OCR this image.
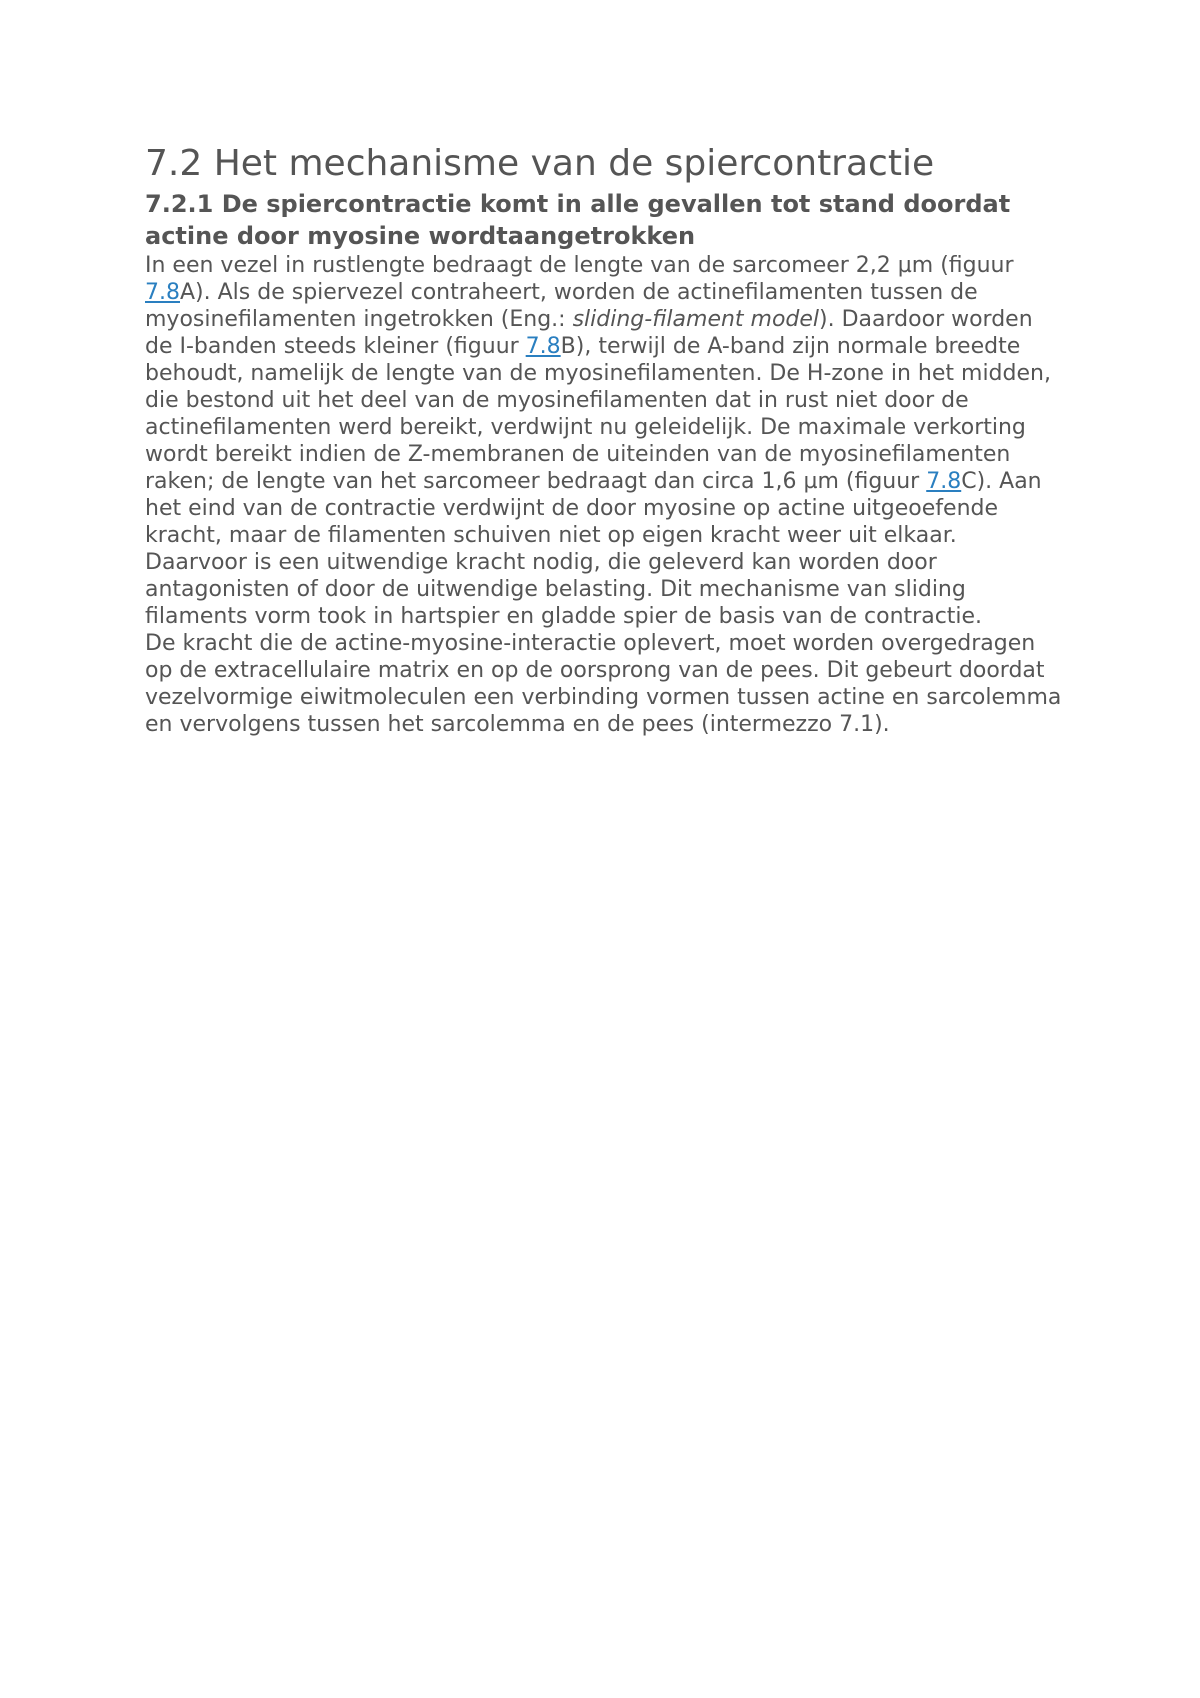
7.2 Het mechanisme van de spiercontractie
7.2.1 De spiercontractie komt in alle gevallen tot stand doordat actine door myosine wordtaangetrokken

In een vezel in rustlengte bedraagt de lengte van de sarcomeer 2,2 µm (figuur 7.8A). Als de spiervezel contraheert, worden de actinefilamenten tussen de myosinefilamenten ingetrokken (Eng.: sliding-filament model). Daardoor worden de I-banden steeds kleiner (figuur 7.8B), terwijl de A-band zijn normale breedte behoudt, namelijk de lengte van de myosinefilamenten. De H-zone in het midden, die bestond uit het deel van de myosinefilamenten dat in rust niet door de actinefilamenten werd bereikt, verdwijnt nu geleidelijk. De maximale verkorting wordt bereikt indien de Z-membranen de uiteinden van de myosinefilamenten raken; de lengte van het sarcomeer bedraagt dan circa 1,6 µm (figuur 7.8C). Aan het eind van de contractie verdwijnt de door myosine op actine uitgeoefende kracht, maar de filamenten schuiven niet op eigen kracht weer uit elkaar. Daarvoor is een uitwendige kracht nodig, die geleverd kan worden door antagonisten of door de uitwendige belasting. Dit mechanisme van sliding filaments vorm took in hartspier en gladde spier de basis van de contractie.

De kracht die de actine-myosine-interactie oplevert, moet worden overgedragen op de extracellulaire matrix en op de oorsprong van de pees. Dit gebeurt doordat vezelvormige eiwitmoleculen een verbinding vormen tussen actine en sarcolemma en vervolgens tussen het sarcolemma en de pees (intermezzo 7.1).
